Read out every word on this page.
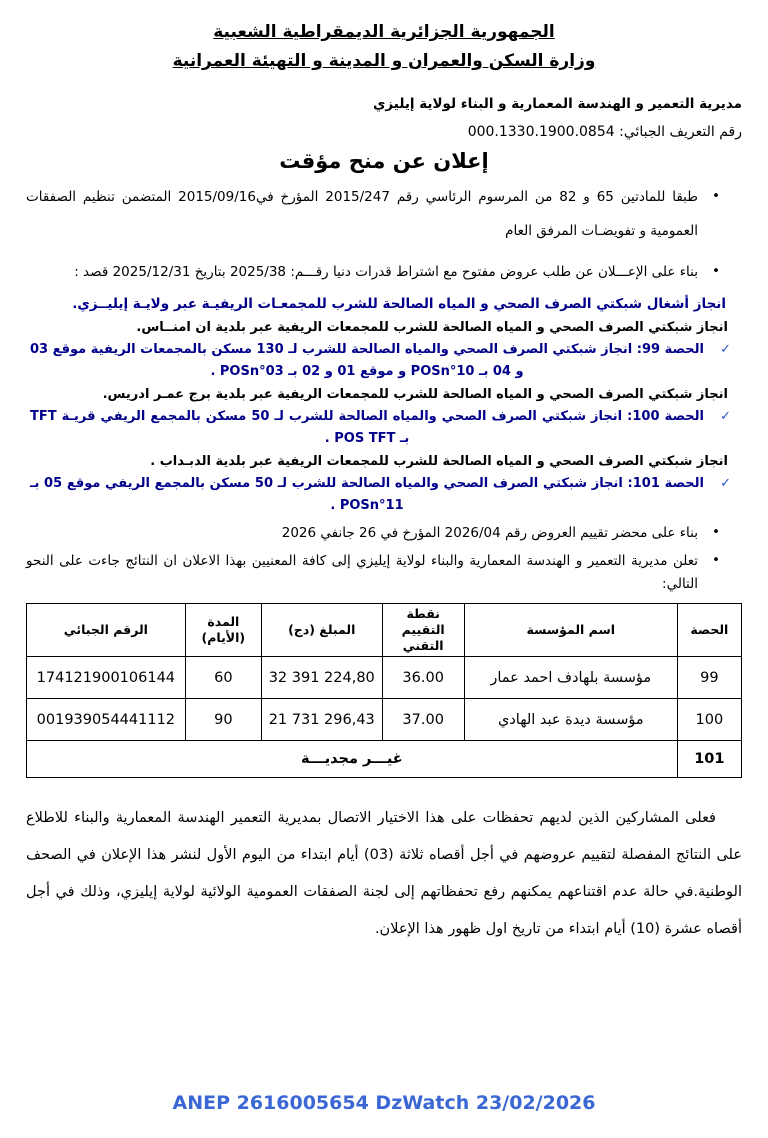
الجمهورية الجزائرية الديمقراطية الشعبية
وزارة السكن والعمران و المدينة و التهيئة العمرانية
مديرية التعمير و الهندسة المعمارية و البناء لولاية إيليزي
رقم التعريف الجبائي: 000.1330.1900.0854
إعلان عن منح مؤقت
•
طبقا للمادتين 65 و 82 من المرسوم الرئاسي رقم 2015/247 المؤرخ في2015/09/16 المتضمن تنظيم الصفقات العمومية و تفويضـات المرفق العام
•
بناء على الإعـــلان عن طلب عروض مفتوح مع اشتراط قدرات دنيا رقـــم: 2025/38 بتاريخ 2025/12/31 قصد :
انجاز أشغال شبكتي الصرف الصحي و المياه الصالحة للشرب للمجمعـات الريفيـة عبر ولايـة إيليــزي.
انجاز شبكتي الصرف الصحي و المياه الصالحة للشرب للمجمعات الريفية عبر بلدية ان امنــاس.
✓
الحصة 99: انجاز شبكتي الصرف الصحي والمياه الصالحة للشرب لـ 130 مسكن بالمجمعات الريفية موقع 03 و 04 بـ POSn°10 و موقع 01 و 02 بـ POSn°03 .
انجاز شبكتي الصرف الصحي و المياه الصالحة للشرب للمجمعات الريفية عبر بلدية برج عمـر ادريس.
✓
الحصة 100: انجاز شبكتي الصرف الصحي والمياه الصالحة للشرب لـ 50 مسكن بالمجمع الريفي قريـة TFT بـ POS TFT .
انجاز شبكتي الصرف الصحي و المياه الصالحة للشرب للمجمعات الريفية عبر بلدية الدبـداب .
✓
الحصة 101: انجاز شبكتي الصرف الصحي والمياه الصالحة للشرب لـ 50 مسكن بالمجمع الريفي موقع 05 بـ POSn°11 .
•
بناء على محضر تقييم العروض رقم 2026/04 المؤرخ في 26 جانفي 2026
•
تعلن مديرية التعمير و الهندسة المعمارية والبناء لولاية إيليزي إلى كافة المعنيين بهذا الاعلان ان النتائج جاءت على النحو التالي:
الحصة	اسم المؤسسة	نقطة التقييم التقني	المبلغ (دج)	المدة (الأيام)	الرقم الجبائي
99	مؤسسة بلهادف احمد عمار	36.00	32 391 224,80	60	174121900106144
100	مؤسسة ديدة عبد الهادي	37.00	21 731 296,43	90	001939054441112
101	غيـــر مجديـــة				
فعلى المشاركين الذين لديهم تحفظات على هذا الاختيار الاتصال بمديرية التعمير الهندسة المعمارية والبناء للاطلاع على النتائج المفصلة لتقييم عروضهم في أجل أقصاه ثلاثة (03) أيام ابتداء من اليوم الأول لنشر هذا الإعلان في الصحف الوطنية.في حالة عدم اقتناعهم يمكنهم رفع تحفظاتهم إلى لجنة الصفقات العمومية الولائية لولاية إيليزي، وذلك في أجل أقصاه عشرة (10) أيام ابتداء من تاريخ اول ظهور هذا الإعلان.
ANEP 2616005654 DzWatch 23/02/2026
